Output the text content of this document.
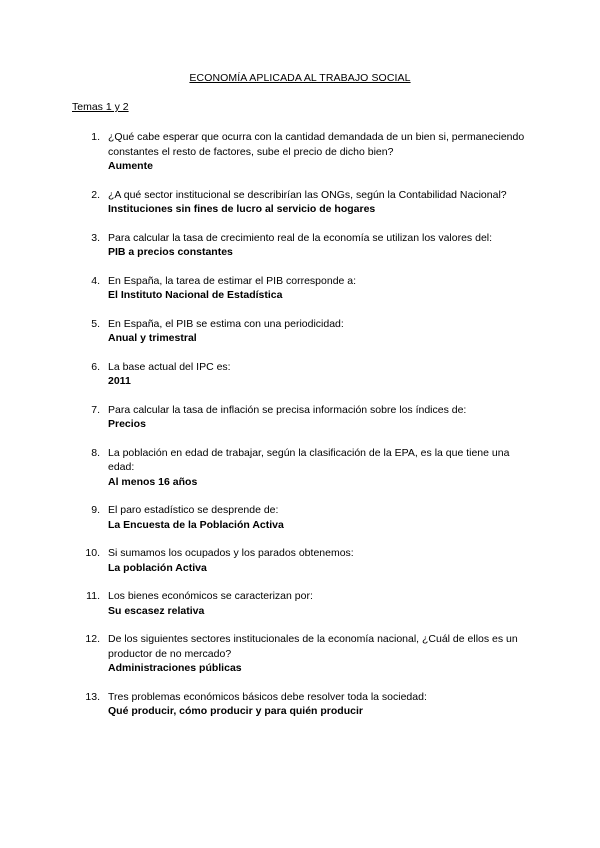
ECONOMÍA APLICADA AL TRABAJO SOCIAL
Temas 1 y 2
1. ¿Qué cabe esperar que ocurra con la cantidad demandada de un bien si, permaneciendo constantes el resto de factores, sube el precio de dicho bien?
Aumente
2. ¿A qué sector institucional se describirían las ONGs, según la Contabilidad Nacional?
Instituciones sin fines de lucro al servicio de hogares
3. Para calcular la tasa de crecimiento real de la economía se utilizan los valores del:
PIB a precios constantes
4. En España, la tarea de estimar el PIB corresponde a:
El Instituto Nacional de Estadística
5. En España, el PIB se estima con una periodicidad:
Anual y trimestral
6. La base actual del IPC es:
2011
7. Para calcular la tasa de inflación se precisa información sobre los índices de:
Precios
8. La población en edad de trabajar, según la clasificación de la EPA, es la que tiene una edad:
Al menos 16 años
9. El paro estadístico se desprende de:
La Encuesta de la Población Activa
10. Si sumamos los ocupados y los parados obtenemos:
La población Activa
11. Los bienes económicos se caracterizan por:
Su escasez relativa
12. De los siguientes sectores institucionales de la economía nacional, ¿Cuál de ellos es un productor de no mercado?
Administraciones públicas
13. Tres problemas económicos básicos debe resolver toda la sociedad:
Qué producir, cómo producir y para quién producir
